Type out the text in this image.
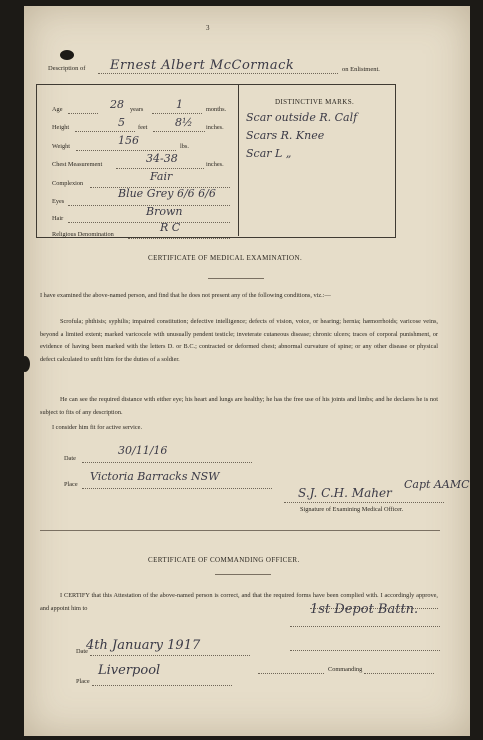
3
Description of Ernest Albert McCormack	on Enlistment.
Age	28 years	1	months.
Height	5 feet	8½ inches.
Weight	156	lbs.
Chest Measurement	34-38	inches.
Complexion
Fair
Eyes
Blue Grey 6/6 6/6
Hair
Brown
Religious Denomination
R C
DISTINCTIVE MARKS.
Scar outside R. Calf
Scars R. Knee
Scar L „
CERTIFICATE OF MEDICAL EXAMINATION.
I have examined the above-named person, and find that he does not present any of the following conditions, viz.:—
Scrofula; phthisis; syphilis; impaired constitution; defective intelligence; defects of vision, voice, or hearing; hernia; hæmorrhoids; varicose veins, beyond a limited extent; marked varicocele with unusually pendent testicle; inveterate cutaneous disease; chronic ulcers; traces of corporal punishment, or evidence of having been marked with the letters D. or B.C.; contracted or deformed chest; abnormal curvature of spine; or any other disease or physical defect calculated to unfit him for the duties of a soldier.
He can see the required distance with either eye; his heart and lungs are healthy; he has the free use of his joints and limbs; and he declares he is not subject to fits of any description.
I consider him fit for active service.
Date
30/11/16
Place
Victoria Barracks NSW
S.J. C.H. Maher
Capt AAMC
Signature of Examining Medical Officer.
CERTIFICATE OF COMMANDING OFFICER.
I CERTIFY that this Attestation of the above-named person is correct, and that the required forms have been complied with. I accordingly approve, and appoint him to	1st Depot Battn.
Date
4th January 1917
Place
Liverpool	Commanding
